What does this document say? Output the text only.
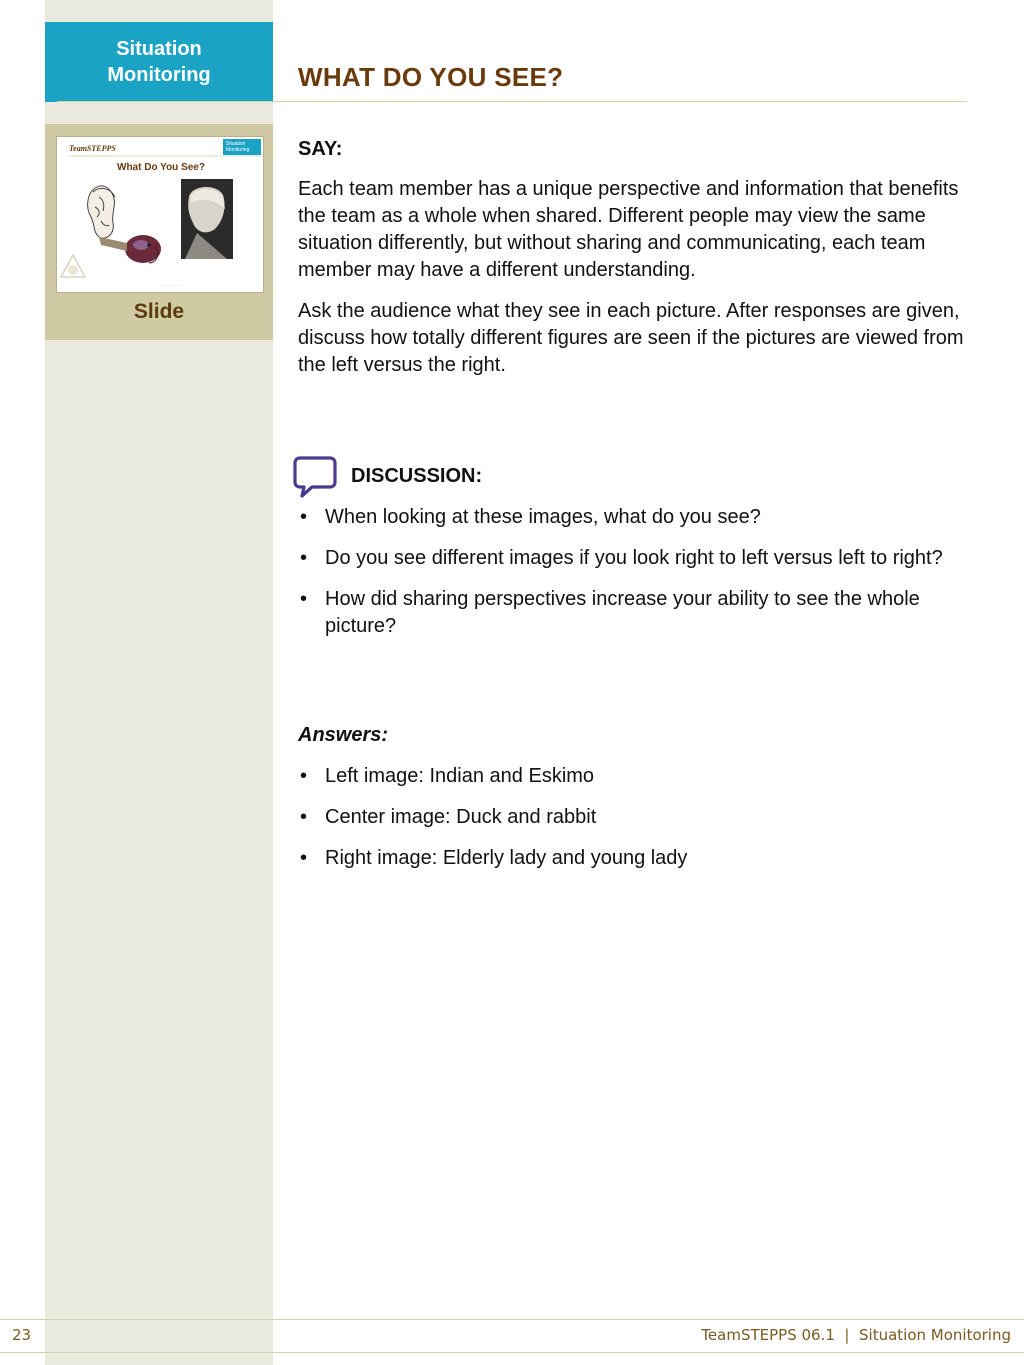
Situation
Monitoring	WHAT DO YOU SEE?
TeamSTEPPS	Situation
Monitoring
What Do You See?
· · · · · · · · · · · · · · · · · ·
Slide

SAY:

Each team member has a unique perspective and information that benefits the team as a whole when shared. Different people may view the same situation differently, but without sharing and communicating, each team member may have a different understanding.

Ask the audience what they see in each picture. After responses are given, discuss how totally different figures are seen if the pictures are viewed from the left versus the right.

DISCUSSION:
• When looking at these images, what do you see?
• Do you see different images if you look right to left versus left to right?
• How did sharing perspectives increase your ability to see the whole picture?
Answers:
• Left image: Indian and Eskimo
• Center image: Duck and rabbit
• Right image: Elderly lady and young lady
23	TeamSTEPPS 06.1  |  Situation Monitoring
